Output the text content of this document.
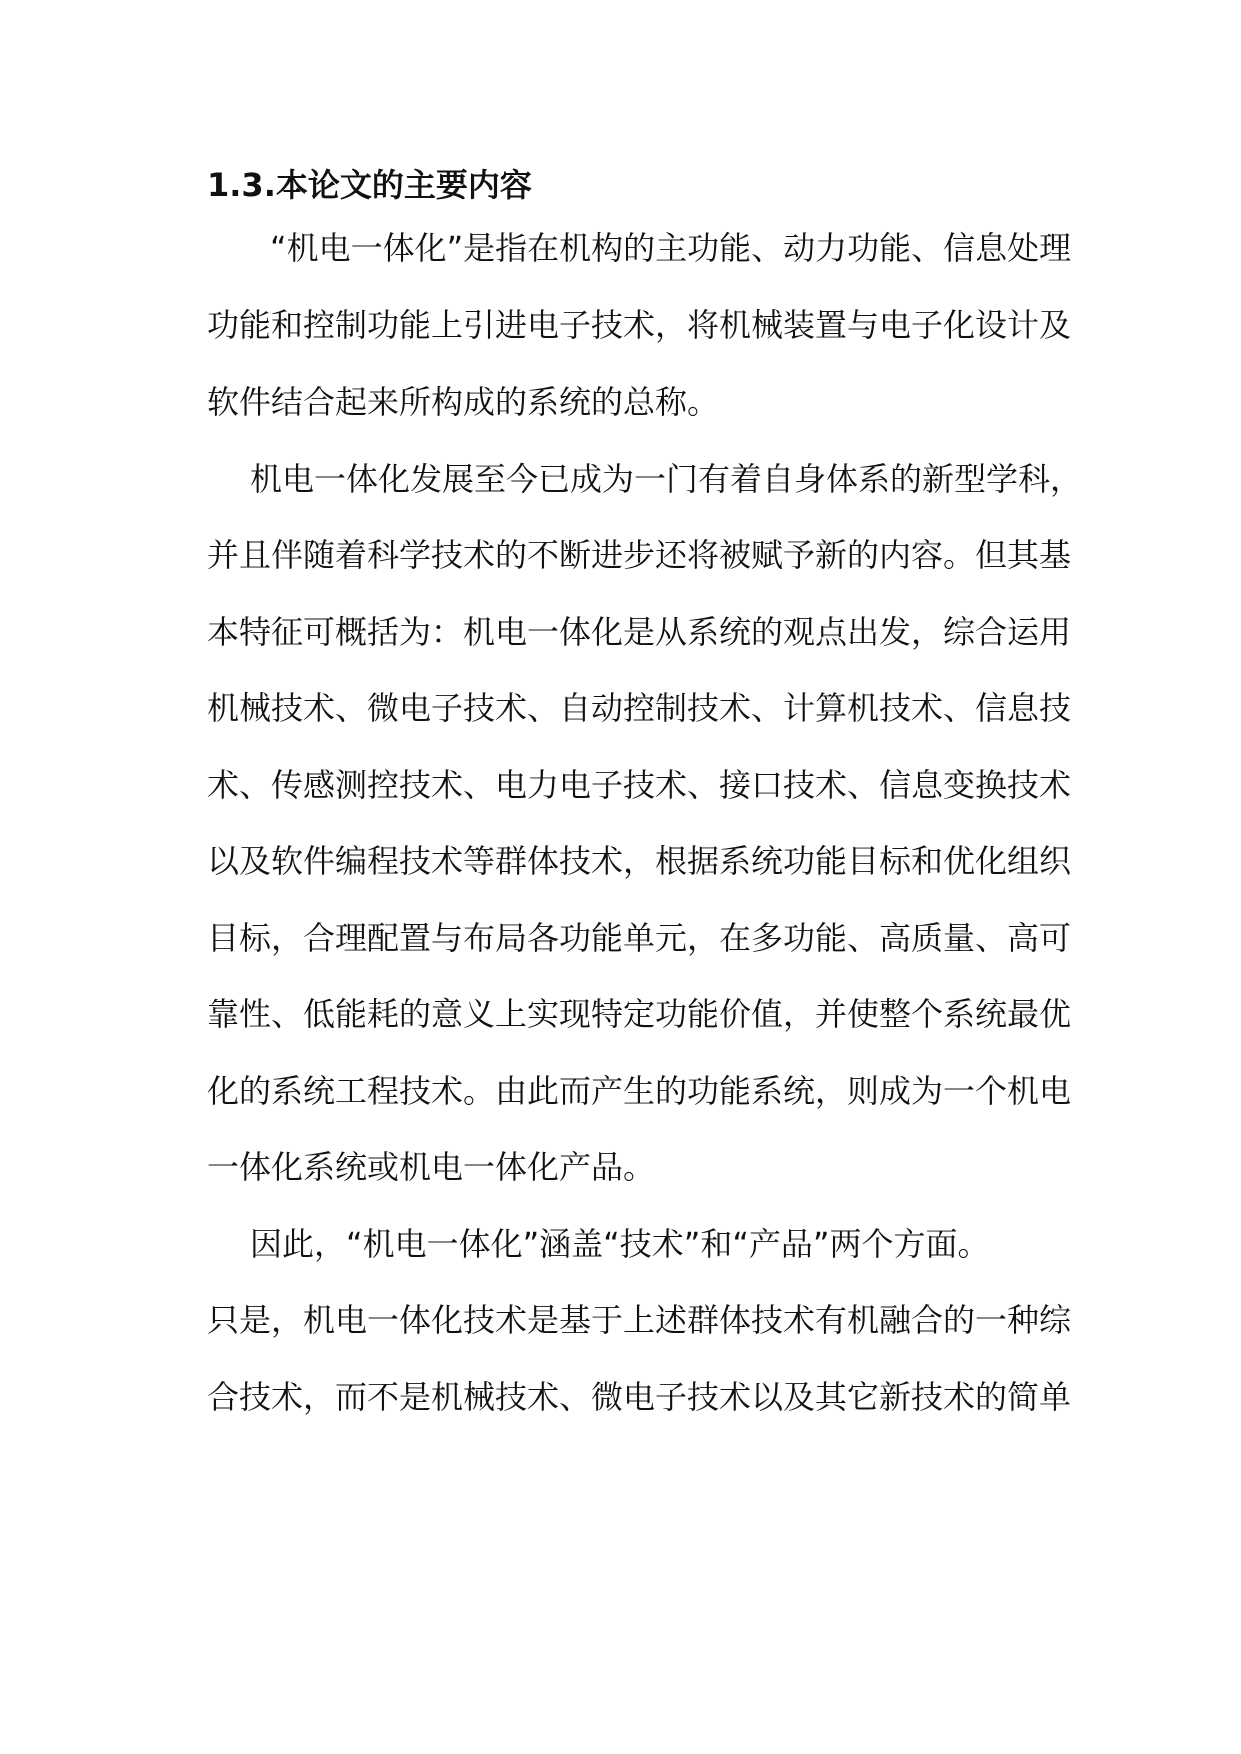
1.3.本论文的主要内容

“机电一体化”是指在机构的主功能、动力功能、信息处理

功能和控制功能上引进电子技术，将机械装置与电子化设计及

软件结合起来所构成的系统的总称。

机电一体化发展至今已成为一门有着自身体系的新型学科，

并且伴随着科学技术的不断进步还将被赋予新的内容。但其基

本特征可概括为：机电一体化是从系统的观点出发，综合运用

机械技术、微电子技术、自动控制技术、计算机技术、信息技

术、传感测控技术、电力电子技术、接口技术、信息变换技术

以及软件编程技术等群体技术，根据系统功能目标和优化组织

目标，合理配置与布局各功能单元，在多功能、高质量、高可

靠性、低能耗的意义上实现特定功能价值，并使整个系统最优

化的系统工程技术。由此而产生的功能系统，则成为一个机电

一体化系统或机电一体化产品。

因此，“机电一体化”涵盖“技术”和“产品”两个方面。

只是，机电一体化技术是基于上述群体技术有机融合的一种综

合技术，而不是机械技术、微电子技术以及其它新技术的简单
